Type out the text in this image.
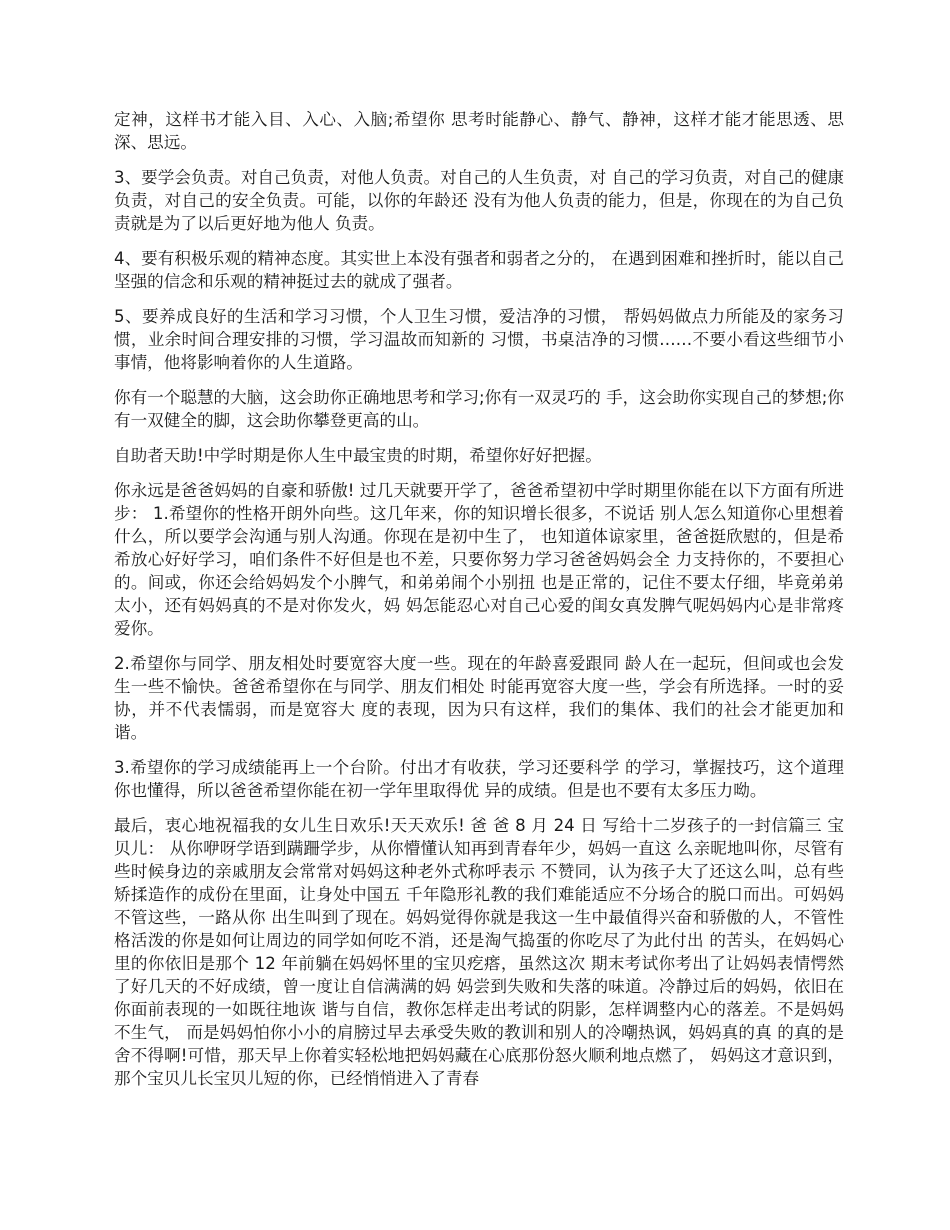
定神，这样书才能入目、入心、入脑;希望你 思考时能静心、静气、静神，这样才能才能思透、思深、思远。

3、要学会负责。对自己负责，对他人负责。对自己的人生负责，对 自己的学习负责，对自己的健康负责，对自己的安全负责。可能，以你的年龄还 没有为他人负责的能力，但是，你现在的为自己负责就是为了以后更好地为他人 负责。

4、要有积极乐观的精神态度。其实世上本没有强者和弱者之分的， 在遇到困难和挫折时，能以自己坚强的信念和乐观的精神挺过去的就成了强者。

5、要养成良好的生活和学习习惯，个人卫生习惯，爱洁净的习惯， 帮妈妈做点力所能及的家务习惯，业余时间合理安排的习惯，学习温故而知新的 习惯，书桌洁净的习惯……不要小看这些细节小事情，他将影响着你的人生道路。

你有一个聪慧的大脑，这会助你正确地思考和学习;你有一双灵巧的 手，这会助你实现自己的梦想;你有一双健全的脚，这会助你攀登更高的山。

自助者天助!中学时期是你人生中最宝贵的时期，希望你好好把握。

你永远是爸爸妈妈的自豪和骄傲! 过几天就要开学了，爸爸希望初中学时期里你能在以下方面有所进 步： 1.希望你的性格开朗外向些。这几年来，你的知识增长很多，不说话 别人怎么知道你心里想着什么，所以要学会沟通与别人沟通。你现在是初中生了， 也知道体谅家里，爸爸挺欣慰的，但是希希放心好好学习，咱们条件不好但是也不差，只要你努力学习爸爸妈妈会全 力支持你的，不要担心的。间或，你还会给妈妈发个小脾气，和弟弟闹个小别扭 也是正常的，记住不要太仔细，毕竟弟弟太小，还有妈妈真的不是对你发火，妈 妈怎能忍心对自己心爱的闺女真发脾气呢妈妈内心是非常疼爱你。

2.希望你与同学、朋友相处时要宽容大度一些。现在的年龄喜爱跟同 龄人在一起玩，但间或也会发生一些不愉快。爸爸希望你在与同学、朋友们相处 时能再宽容大度一些，学会有所选择。一时的妥协，并不代表懦弱，而是宽容大 度的表现，因为只有这样，我们的集体、我们的社会才能更加和谐。

3.希望你的学习成绩能再上一个台阶。付出才有收获，学习还要科学 的学习，掌握技巧，这个道理你也懂得，所以爸爸希望你能在初一学年里取得优 异的成绩。但是也不要有太多压力呦。

最后，衷心地祝福我的女儿生日欢乐!天天欢乐! 爸 爸 8 月 24 日 写给十二岁孩子的一封信篇三 宝贝儿： 从你咿呀学语到蹒跚学步，从你懵懂认知再到青春年少，妈妈一直这 么亲昵地叫你，尽管有些时候身边的亲戚朋友会常常对妈妈这种老外式称呼表示 不赞同，认为孩子大了还这么叫，总有些矫揉造作的成份在里面，让身处中国五 千年隐形礼教的我们难能适应不分场合的脱口而出。可妈妈不管这些，一路从你 出生叫到了现在。妈妈觉得你就是我这一生中最值得兴奋和骄傲的人，不管性 格活泼的你是如何让周边的同学如何吃不消，还是淘气捣蛋的你吃尽了为此付出 的苦头，在妈妈心里的你依旧是那个 12 年前躺在妈妈怀里的宝贝疙瘩，虽然这次 期末考试你考出了让妈妈表情愕然了好几天的不好成绩，曾一度让自信满满的妈 妈尝到失败和失落的味道。冷静过后的妈妈，依旧在你面前表现的一如既往地诙 谐与自信，教你怎样走出考试的阴影，怎样调整内心的落差。不是妈妈不生气， 而是妈妈怕你小小的肩膀过早去承受失败的教训和别人的冷嘲热讽，妈妈真的真 的真的是舍不得啊!可惜，那天早上你着实轻松地把妈妈藏在心底那份怒火顺利地点燃了， 妈妈这才意识到，那个宝贝儿长宝贝儿短的你，已经悄悄进入了青春
